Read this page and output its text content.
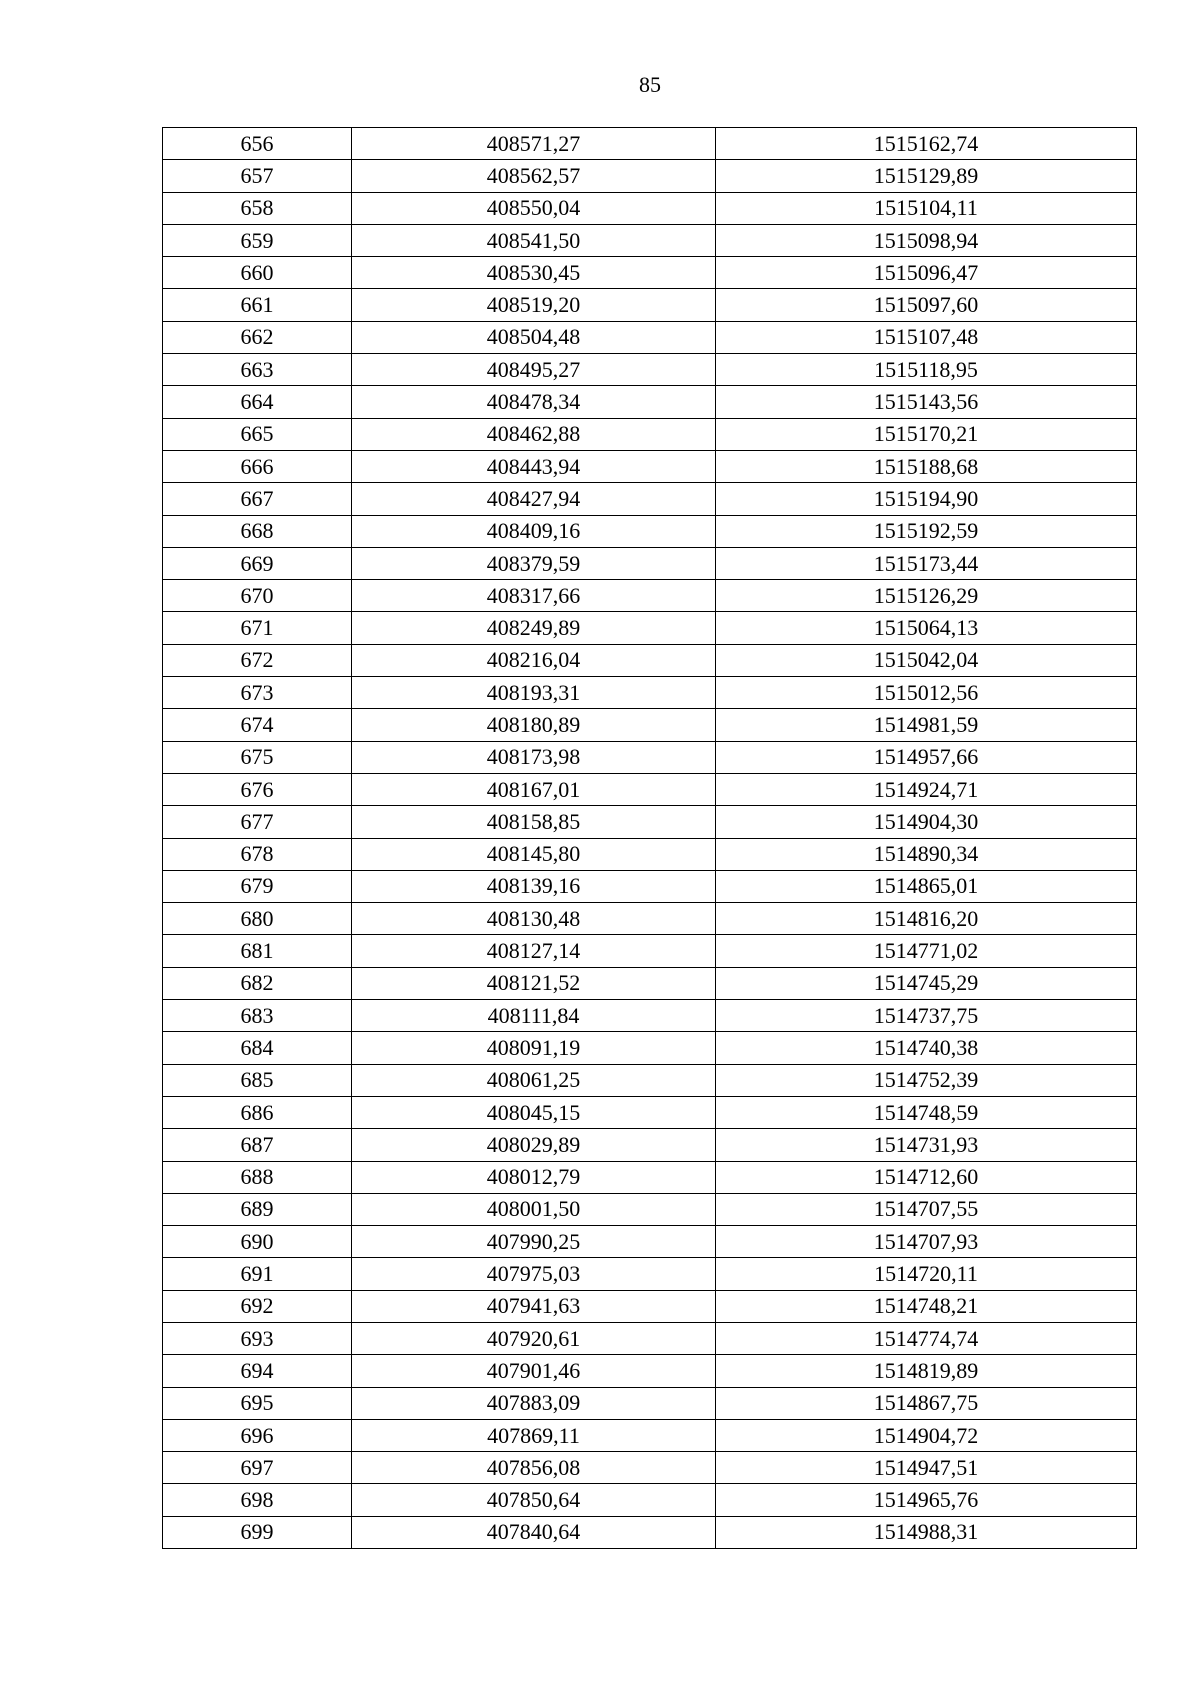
85
656	408571,27	1515162,74
657	408562,57	1515129,89
658	408550,04	1515104,11
659	408541,50	1515098,94
660	408530,45	1515096,47
661	408519,20	1515097,60
662	408504,48	1515107,48
663	408495,27	1515118,95
664	408478,34	1515143,56
665	408462,88	1515170,21
666	408443,94	1515188,68
667	408427,94	1515194,90
668	408409,16	1515192,59
669	408379,59	1515173,44
670	408317,66	1515126,29
671	408249,89	1515064,13
672	408216,04	1515042,04
673	408193,31	1515012,56
674	408180,89	1514981,59
675	408173,98	1514957,66
676	408167,01	1514924,71
677	408158,85	1514904,30
678	408145,80	1514890,34
679	408139,16	1514865,01
680	408130,48	1514816,20
681	408127,14	1514771,02
682	408121,52	1514745,29
683	408111,84	1514737,75
684	408091,19	1514740,38
685	408061,25	1514752,39
686	408045,15	1514748,59
687	408029,89	1514731,93
688	408012,79	1514712,60
689	408001,50	1514707,55
690	407990,25	1514707,93
691	407975,03	1514720,11
692	407941,63	1514748,21
693	407920,61	1514774,74
694	407901,46	1514819,89
695	407883,09	1514867,75
696	407869,11	1514904,72
697	407856,08	1514947,51
698	407850,64	1514965,76
699	407840,64	1514988,31
